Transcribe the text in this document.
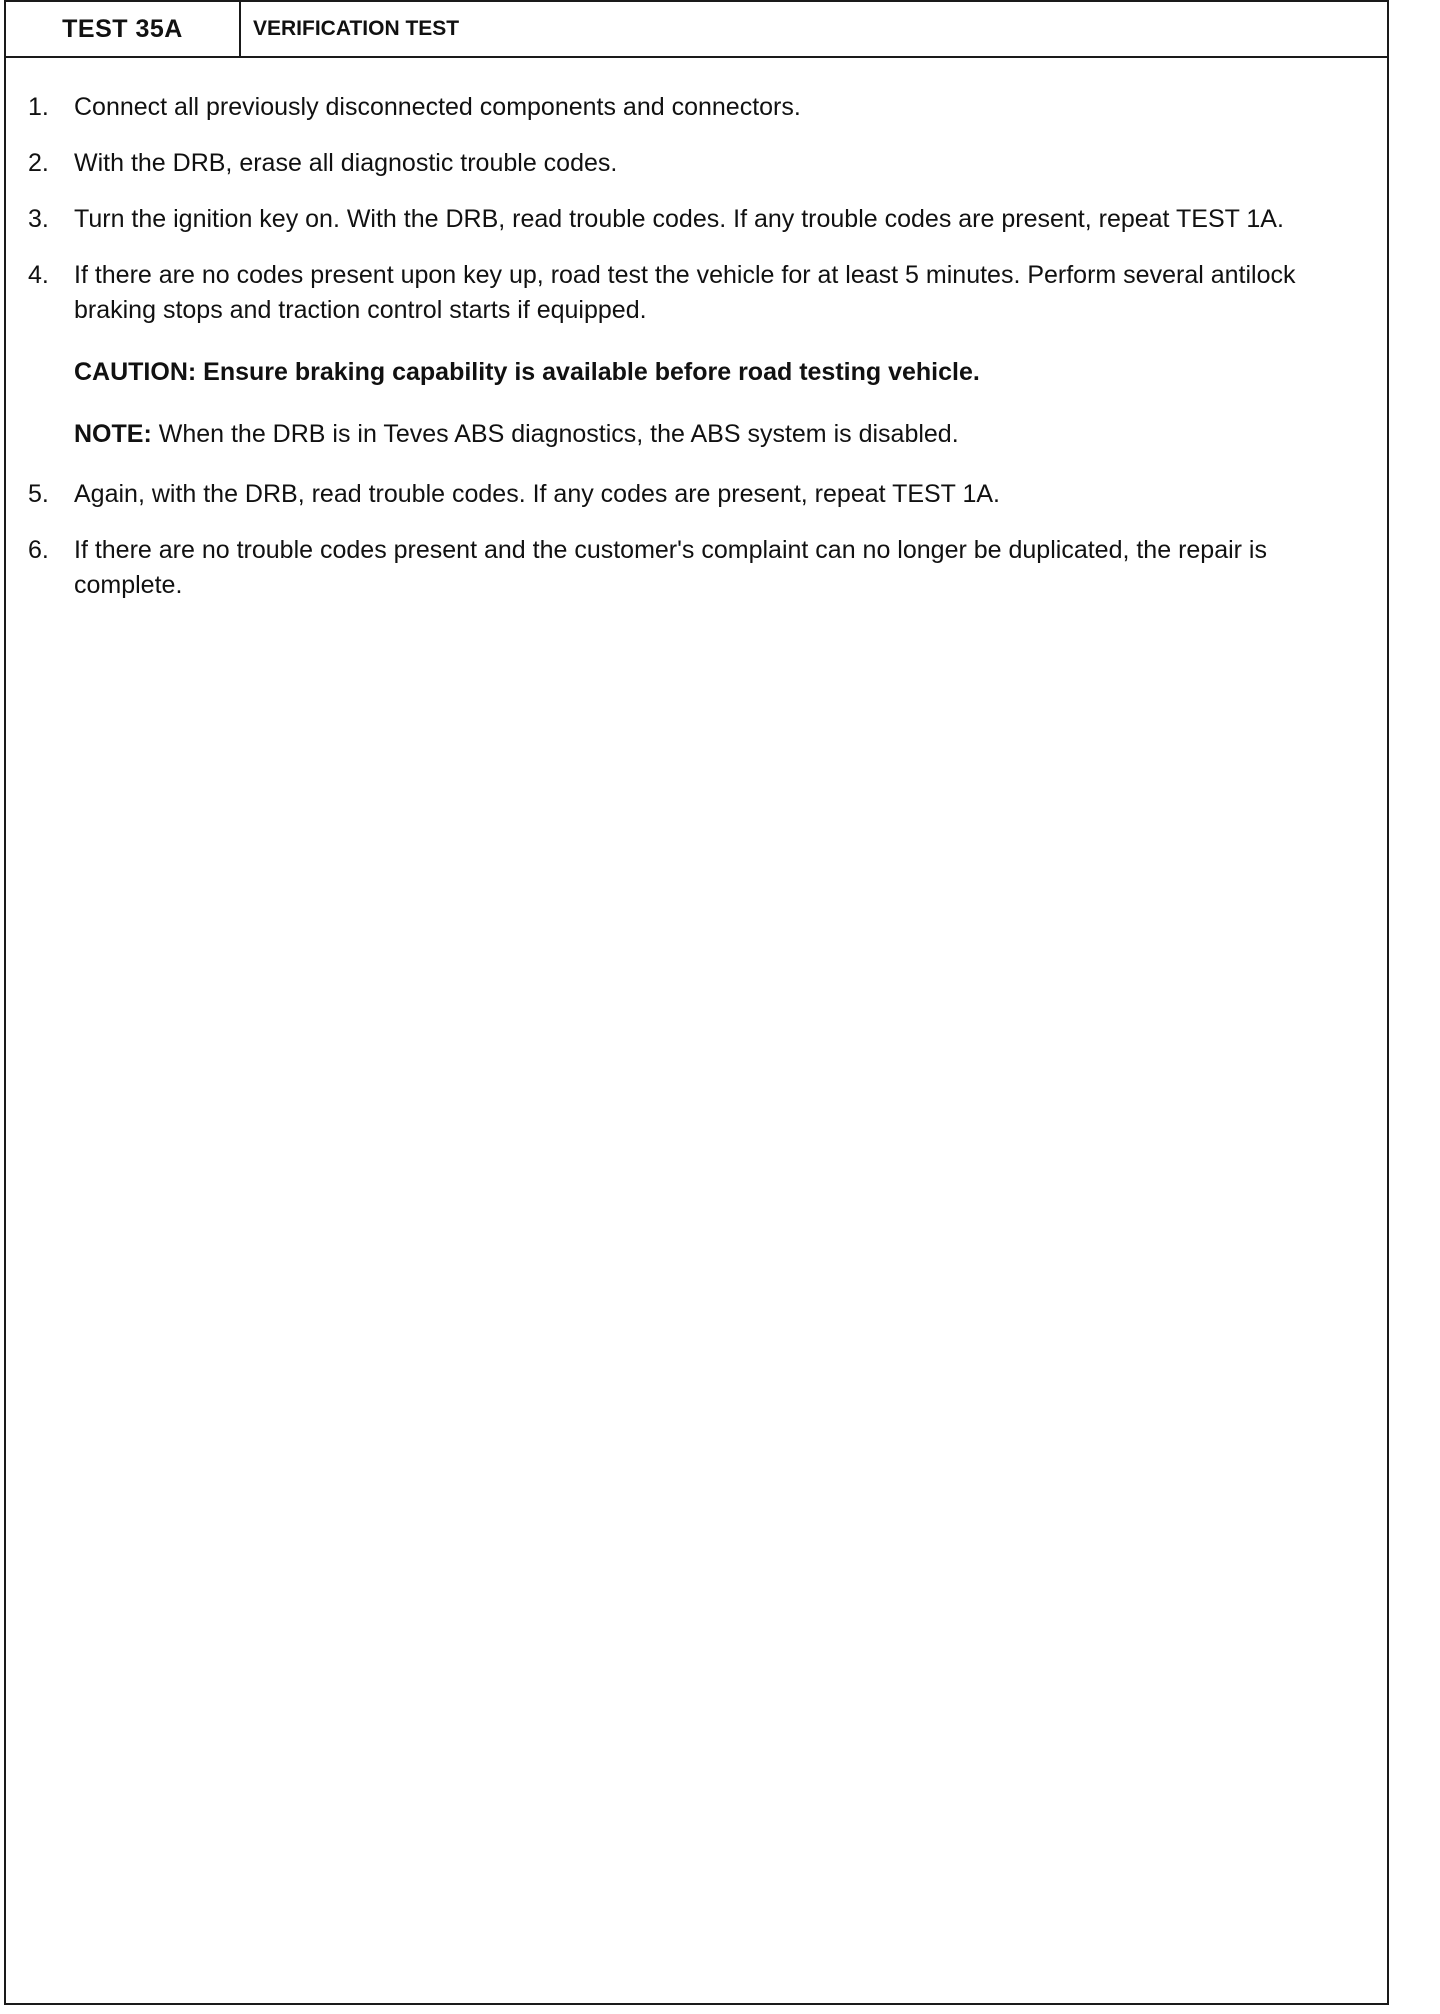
TEST 35A	VERIFICATION TEST
1.	Connect all previously disconnected components and connectors.
2.	With the DRB, erase all diagnostic trouble codes.
3.	Turn the ignition key on. With the DRB, read trouble codes. If any trouble codes are present, repeat TEST 1A.
4.	If there are no codes present upon key up, road test the vehicle for at least 5 minutes. Perform several antilock braking stops and traction control starts if equipped.
CAUTION: Ensure braking capability is available before road testing vehicle.
NOTE: When the DRB is in Teves ABS diagnostics, the ABS system is disabled.
5.	Again, with the DRB, read trouble codes. If any codes are present, repeat TEST 1A.
6.	If there are no trouble codes present and the customer's complaint can no longer be duplicated, the repair is complete.
